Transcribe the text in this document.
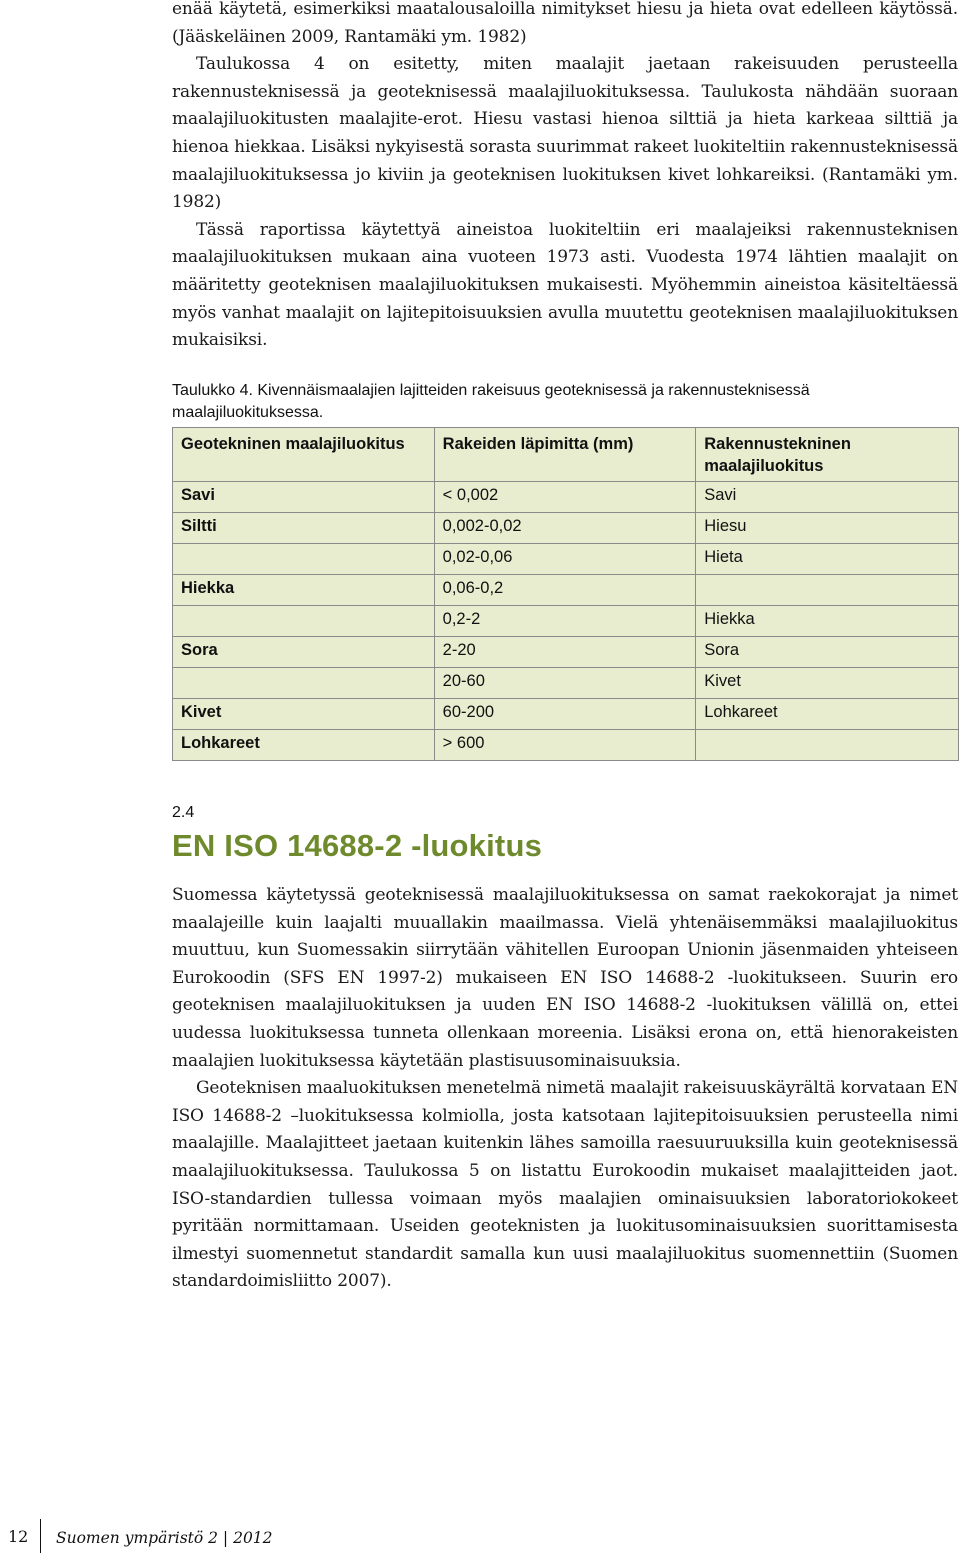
enää käytetä, esimerkiksi maatalousaloilla nimitykset hiesu ja hieta ovat edelleen käytössä. (Jääskeläinen 2009, Rantamäki ym. 1982)

Taulukossa 4 on esitetty, miten maalajit jaetaan rakeisuuden perusteella rakennusteknisessä ja geoteknisessä maalajiluokituksessa. Taulukosta nähdään suoraan maalajiluokitusten maalajite-erot. Hiesu vastasi hienoa silttiä ja hieta karkeaa silttiä ja hienoa hiekkaa. Lisäksi nykyisestä sorasta suurimmat rakeet luokiteltiin rakennusteknisessä maalajiluokituksessa jo kiviin ja geoteknisen luokituksen kivet lohkareiksi. (Rantamäki ym. 1982)

Tässä raportissa käytettyä aineistoa luokiteltiin eri maalajeiksi rakennusteknisen maalajiluokituksen mukaan aina vuoteen 1973 asti. Vuodesta 1974 lähtien maalajit on määritetty geoteknisen maalajiluokituksen mukaisesti. Myöhemmin aineistoa käsiteltäessä myös vanhat maalajit on lajitepitoisuuksien avulla muutettu geoteknisen maalajiluokituksen mukaisiksi.

Taulukko 4. Kivennäismaalajien lajitteiden rakeisuus geoteknisessä ja rakennusteknisessä maalajiluokituksessa.
Geotekninen maalajiluokitus	Rakeiden läpimitta (mm)	Rakennustekninen maalajiluokitus
Savi	< 0,002	Savi
Siltti	0,002-0,02	Hiesu
	0,02-0,06	Hieta
Hiekka	0,06-0,2	
	0,2-2	Hiekka
Sora	2-20	Sora
	20-60	Kivet
Kivet	60-200	Lohkareet
Lohkareet	> 600	
2.4
EN ISO 14688-2 -luokitus

Suomessa käytetyssä geoteknisessä maalajiluokituksessa on samat raekokorajat ja nimet maalajeille kuin laajalti muuallakin maailmassa. Vielä yhtenäisemmäksi maalajiluokitus muuttuu, kun Suomessakin siirrytään vähitellen Euroopan Unionin jäsenmaiden yhteiseen Eurokoodin (SFS EN 1997-2) mukaiseen EN ISO 14688-2 -luokitukseen. Suurin ero geoteknisen maalajiluokituksen ja uuden EN ISO 14688-2 -luokituksen välillä on, ettei uudessa luokituksessa tunneta ollenkaan moreenia. Lisäksi erona on, että hienorakeisten maalajien luokituksessa käytetään plastisuusominaisuuksia.

Geoteknisen maaluokituksen menetelmä nimetä maalajit rakeisuuskäyrältä korvataan EN ISO 14688-2 –luokituksessa kolmiolla, josta katsotaan lajitepitoisuuksien perusteella nimi maalajille. Maalajitteet jaetaan kuitenkin lähes samoilla raesuuruuksilla kuin geoteknisessä maalajiluokituksessa. Taulukossa 5 on listattu Eurokoodin mukaiset maalajitteiden jaot. ISO-standardien tullessa voimaan myös maalajien ominaisuuksien laboratoriokokeet pyritään normittamaan. Useiden geoteknisten ja luokitusominaisuuksien suorittamisesta ilmestyi suomennetut standardit samalla kun uusi maalajiluokitus suomennettiin (Suomen standardoimisliitto 2007).

12 Suomen ympäristö 2 | 2012
